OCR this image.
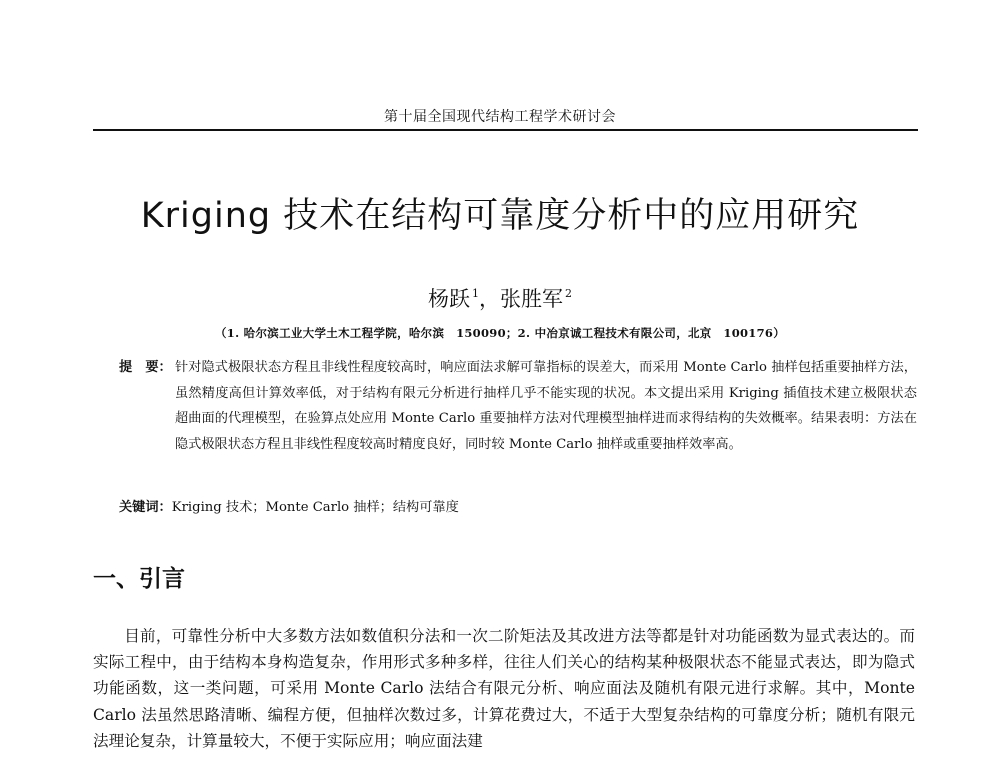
第十届全国现代结构工程学术研讨会
Kriging 技术在结构可靠度分析中的应用研究
杨跃 $^1$，张胜军 $^2$
（1. 哈尔滨工业大学土木工程学院，哈尔滨　150090；2. 中冶京诚工程技术有限公司，北京　100176）
提　要： 针对隐式极限状态方程且非线性程度较高时，响应面法求解可靠指标的误差大，而采用 Monte Carlo 抽样包括重要抽样方法，虽然精度高但计算效率低，对于结构有限元分析进行抽样几乎不能实现的状况。本文提出采用 Kriging 插值技术建立极限状态超曲面的代理模型，在验算点处应用 Monte Carlo 重要抽样方法对代理模型抽样进而求得结构的失效概率。结果表明：方法在隐式极限状态方程且非线性程度较高时精度良好，同时较 Monte Carlo 抽样或重要抽样效率高。
关键词：Kriging 技术；Monte Carlo 抽样；结构可靠度
一、引言
目前，可靠性分析中大多数方法如数值积分法和一次二阶矩法及其改进方法等都是针对功能函数为显式表达的。而实际工程中，由于结构本身构造复杂，作用形式多种多样，往往人们关心的结构某种极限状态不能显式表达，即为隐式功能函数，这一类问题，可采用 Monte Carlo 法结合有限元分析、响应面法及随机有限元进行求解。其中，Monte Carlo 法虽然思路清晰、编程方便，但抽样次数过多，计算花费过大，不适于大型复杂结构的可靠度分析；随机有限元法理论复杂，计算量较大，不便于实际应用；响应面法建
